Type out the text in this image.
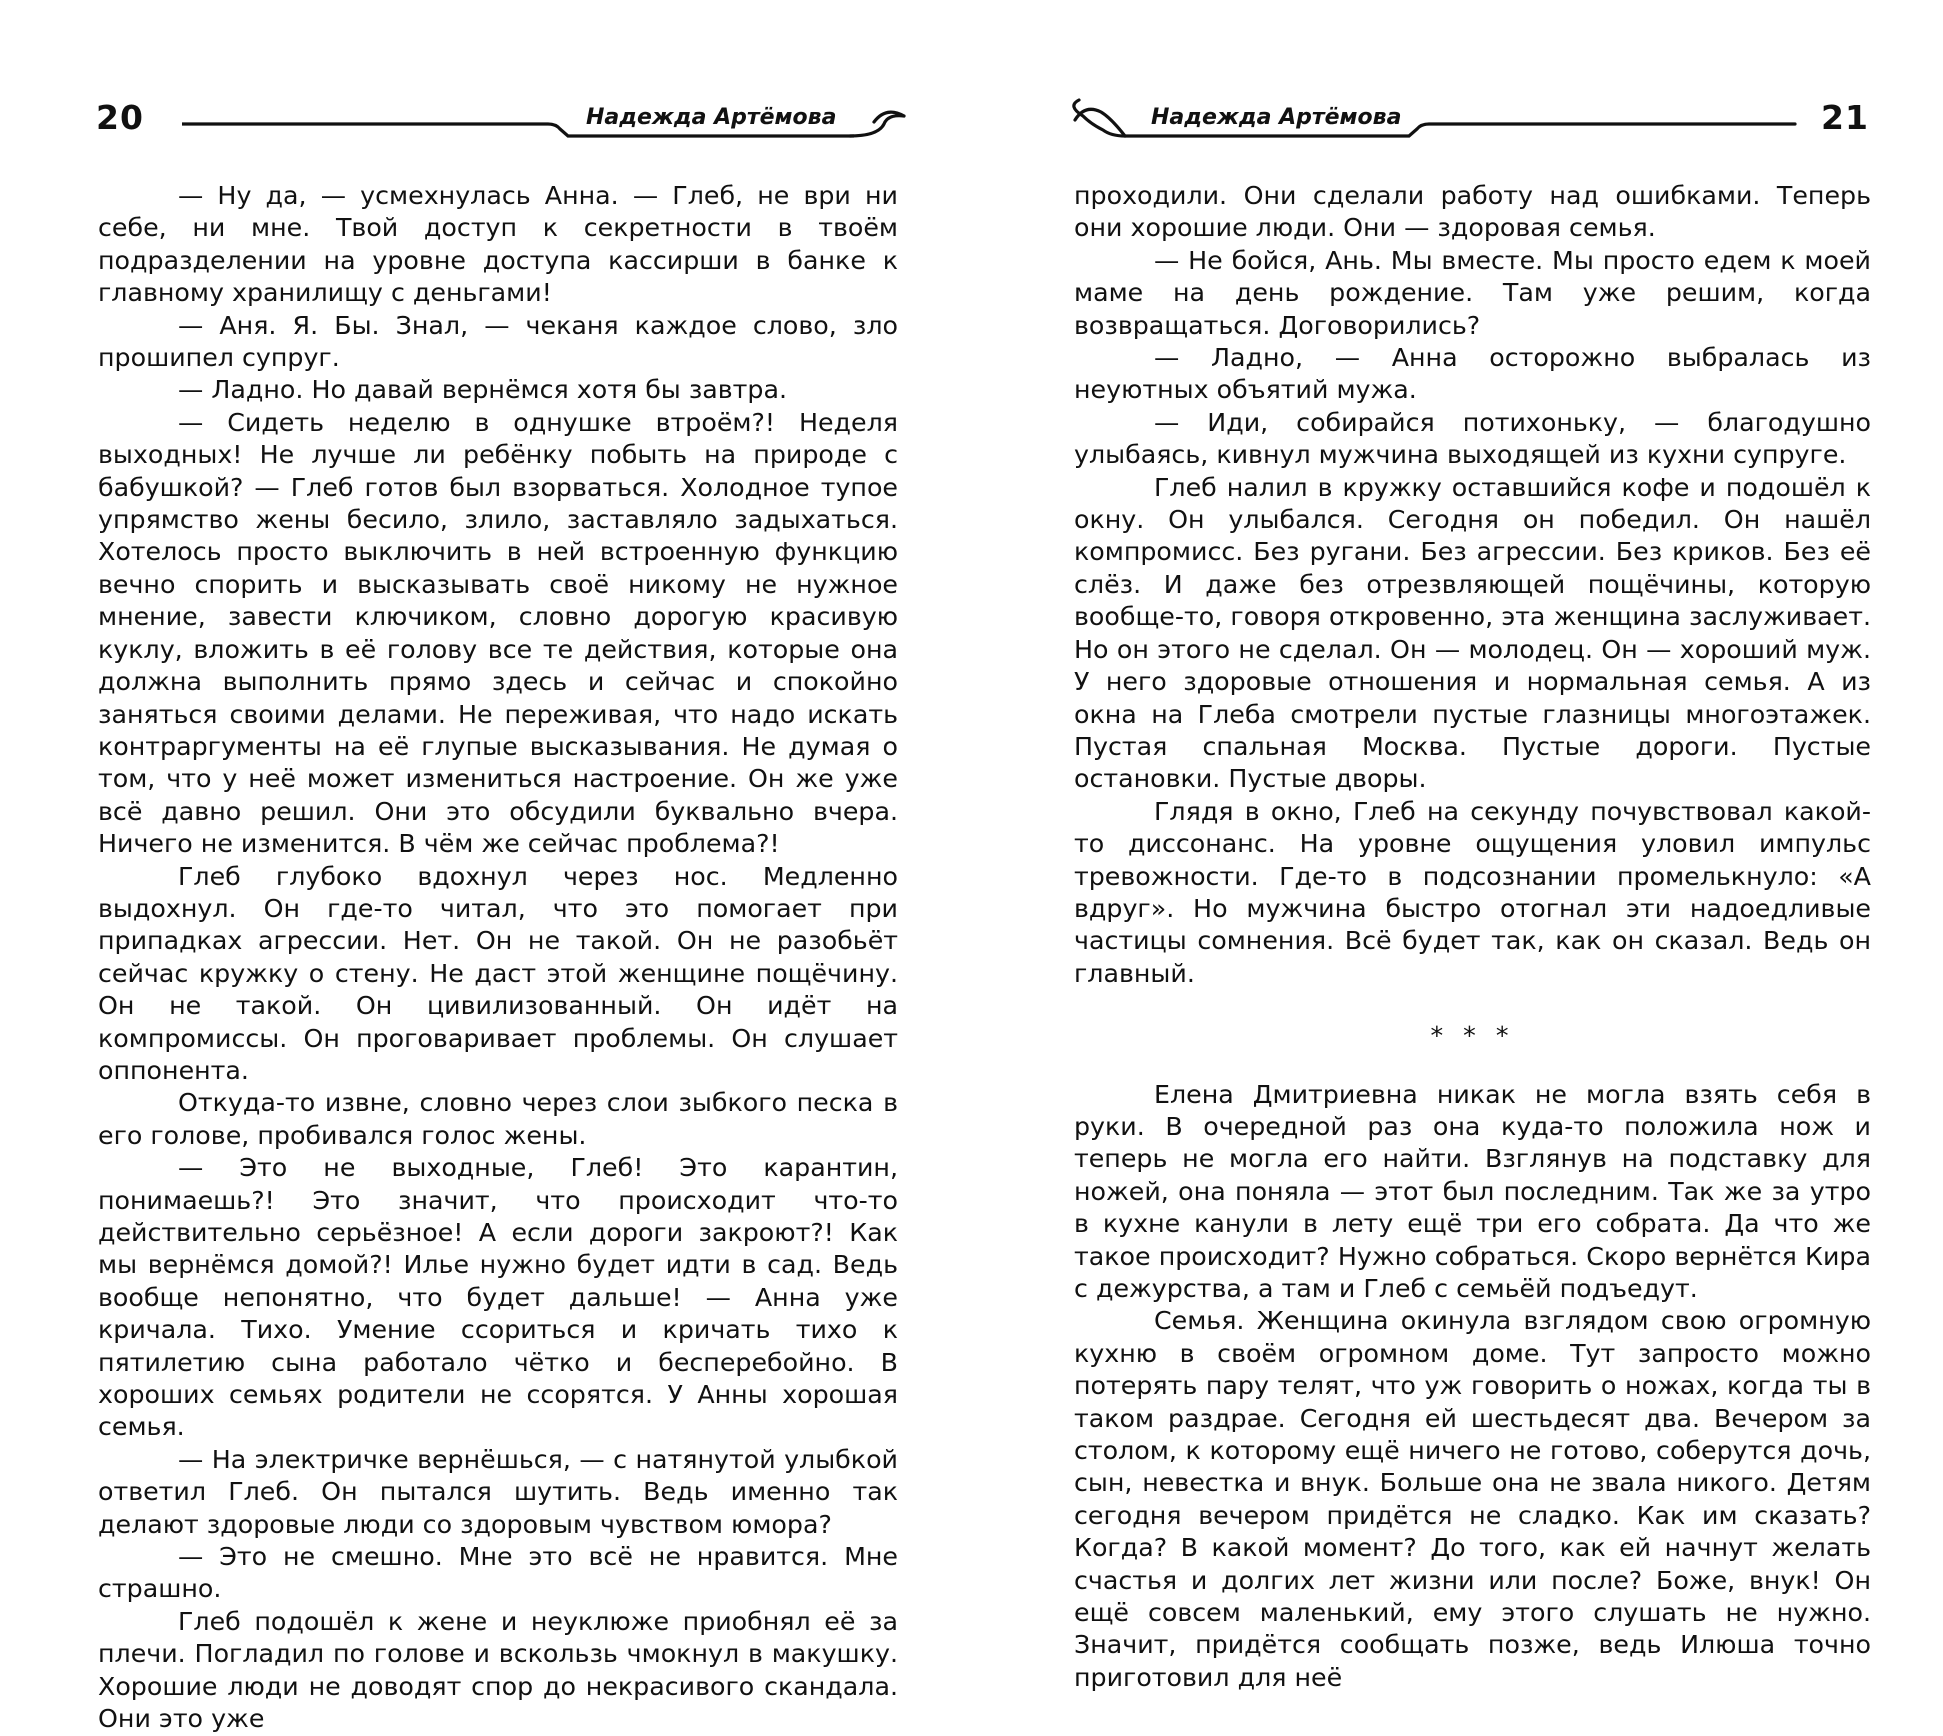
20	Надежда Артёмова

— Ну да, — усмехнулась Анна. — Глеб, не ври ни себе, ни мне. Твой доступ к секретности в твоём подразделении на уровне доступа кассирши в банке к главному хранилищу с деньгами!

— Аня. Я. Бы. Знал, — чеканя каждое слово, зло прошипел супруг.

— Ладно. Но давай вернёмся хотя бы завтра.

— Сидеть неделю в однушке втроём?! Неделя выходных! Не лучше ли ребёнку побыть на природе с бабушкой? — Глеб готов был взорваться. Холодное тупое упрямство жены бесило, злило, заставляло задыхаться. Хотелось просто выключить в ней встроенную функцию вечно спорить и высказывать своё никому не нужное мнение, завести ключиком, словно дорогую красивую куклу, вложить в её голову все те действия, которые она должна выполнить прямо здесь и сейчас и спокойно заняться своими делами. Не переживая, что надо искать контраргументы на её глупые высказывания. Не думая о том, что у неё может измениться настроение. Он же уже всё давно решил. Они это обсудили буквально вчера. Ничего не изменится. В чём же сейчас проблема?!

Глеб глубоко вдохнул через нос. Медленно выдохнул. Он где-то читал, что это помогает при припадках агрессии. Нет. Он не такой. Он не разобьёт сейчас кружку о стену. Не даст этой женщине пощёчину. Он не такой. Он цивилизованный. Он идёт на компромиссы. Он проговаривает проблемы. Он слушает оппонента.

Откуда-то извне, словно через слои зыбкого песка в его голове, пробивался голос жены.

— Это не выходные, Глеб! Это карантин, понимаешь?! Это значит, что происходит что-то действительно серьёзное! А если дороги закроют?! Как мы вернёмся домой?! Илье нужно будет идти в сад. Ведь вообще непонятно, что будет дальше! — Анна уже кричала. Тихо. Умение ссориться и кричать тихо к пятилетию сына работало чётко и бесперебойно. В хороших семьях родители не ссорятся. У Анны хорошая семья.

— На электричке вернёшься, — с натянутой улыбкой ответил Глеб. Он пытался шутить. Ведь именно так делают здоровые люди со здоровым чувством юмора?

— Это не смешно. Мне это всё не нравится. Мне страшно.

Глеб подошёл к жене и неуклюже приобнял её за плечи. Погладил по голове и вскользь чмокнул в макушку. Хорошие люди не доводят спор до некрасивого скандала. Они это уже

Надежда Артёмова	21

проходили. Они сделали работу над ошибками. Теперь они хорошие люди. Они — здоровая семья.

— Не бойся, Ань. Мы вместе. Мы просто едем к моей маме на день рождение. Там уже решим, когда возвращаться. Договорились?

— Ладно, — Анна осторожно выбралась из неуютных объятий мужа.

— Иди, собирайся потихоньку, — благодушно улыбаясь, кивнул мужчина выходящей из кухни супруге.

Глеб налил в кружку оставшийся кофе и подошёл к окну. Он улыбался. Сегодня он победил. Он нашёл компромисс. Без ругани. Без агрессии. Без криков. Без её слёз. И даже без отрезвляющей пощёчины, которую вообще-то, говоря откровенно, эта женщина заслуживает. Но он этого не сделал. Он — молодец. Он — хороший муж. У него здоровые отношения и нормальная семья. А из окна на Глеба смотрели пустые глазницы многоэтажек. Пустая спальная Москва. Пустые дороги. Пустые остановки. Пустые дворы.

Глядя в окно, Глеб на секунду почувствовал какой-то диссонанс. На уровне ощущения уловил импульс тревожности. Где-то в подсознании промелькнуло: «А вдруг». Но мужчина быстро отогнал эти надоедливые частицы сомнения. Всё будет так, как он сказал. Ведь он главный.

* * *

Елена Дмитриевна никак не могла взять себя в руки. В очередной раз она куда-то положила нож и теперь не могла его найти. Взглянув на подставку для ножей, она поняла — этот был последним. Так же за утро в кухне канули в лету ещё три его собрата. Да что же такое происходит? Нужно собраться. Скоро вернётся Кира с дежурства, а там и Глеб с семьёй подъедут.

Семья. Женщина окинула взглядом свою огромную кухню в своём огромном доме. Тут запросто можно потерять пару телят, что уж говорить о ножах, когда ты в таком раздрае. Сегодня ей шестьдесят два. Вечером за столом, к которому ещё ничего не готово, соберутся дочь, сын, невестка и внук. Больше она не звала никого. Детям сегодня вечером придётся не сладко. Как им сказать? Когда? В какой момент? До того, как ей начнут желать счастья и долгих лет жизни или после? Боже, внук! Он ещё совсем маленький, ему этого слушать не нужно. Значит, придётся сообщать позже, ведь Илюша точно приготовил для неё
